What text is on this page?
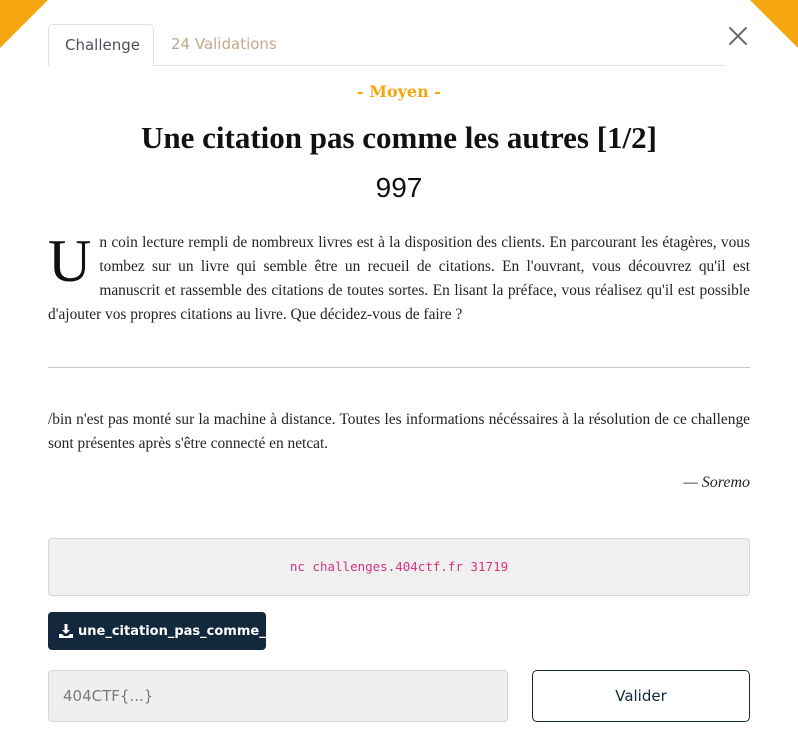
Challenge	24 Validations
- Moyen -
Une citation pas comme les autres [1/2]
997

Un coin lecture rempli de nombreux livres est à la disposition des clients. En parcourant les étagères, vous tombez sur un livre qui semble être un recueil de citations. En l'ouvrant, vous découvrez qu'il est manuscrit et rassemble des citations de toutes sortes. En lisant la préface, vous réalisez qu'il est possible d'ajouter vos propres citations au livre. Que décidez-vous de faire ?

/bin n'est pas monté sur la machine à distance. Toutes les informations nécéssaires à la résolution de ce challenge sont présentes après s'être connecté en netcat.

— Soremo
nc challenges.404ctf.fr 31719
une_citation_pas_comme_les_autres
404CTF{...}
Valider
